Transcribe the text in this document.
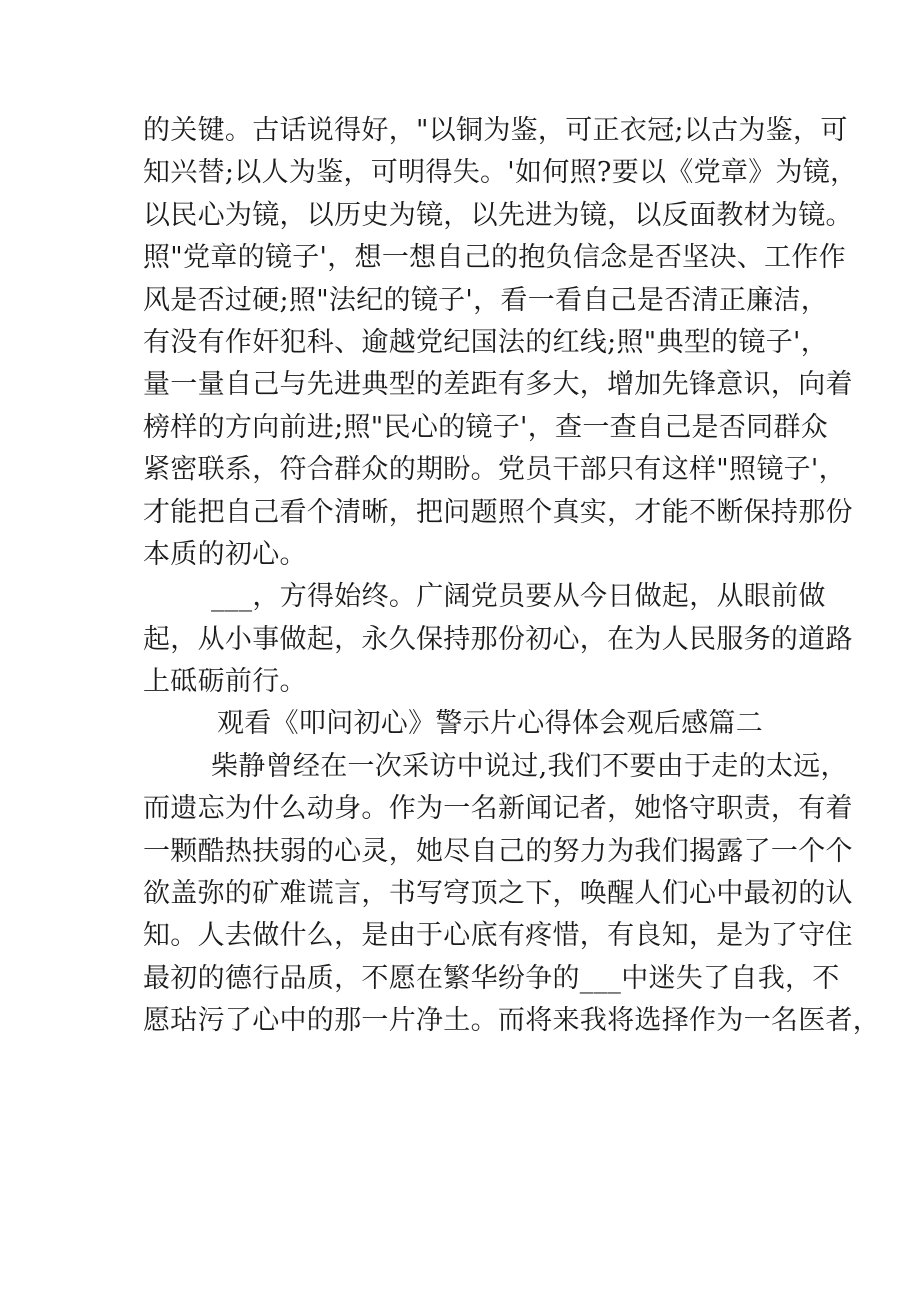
的关键。古话说得好，"以铜为鉴，可正衣冠;以古为鉴，可
知兴替;以人为鉴，可明得失。'如何照?要以《党章》为镜，
以民心为镜，以历史为镜，以先进为镜，以反面教材为镜。
照"党章的镜子'，想一想自己的抱负信念是否坚决、工作作
风是否过硬;照"法纪的镜子'，看一看自己是否清正廉洁，
有没有作奸犯科、逾越党纪国法的红线;照"典型的镜子'，
量一量自己与先进典型的差距有多大，增加先锋意识，向着
榜样的方向前进;照"民心的镜子'，查一查自己是否同群众
紧密联系，符合群众的期盼。党员干部只有这样"照镜子'，
才能把自己看个清晰，把问题照个真实，才能不断保持那份
本质的初心。
___，方得始终。广阔党员要从今日做起，从眼前做
起，从小事做起，永久保持那份初心，在为人民服务的道路
上砥砺前行。
观看《叩问初心》警示片心得体会观后感篇二
柴静曾经在一次采访中说过,我们不要由于走的太远，
而遗忘为什么动身。作为一名新闻记者，她恪守职责，有着
一颗酷热扶弱的心灵，她尽自己的努力为我们揭露了一个个
欲盖弥的矿难谎言，书写穹顶之下，唤醒人们心中最初的认
知。人去做什么，是由于心底有疼惜，有良知，是为了守住
最初的德行品质，不愿在繁华纷争的___中迷失了自我，不
愿玷污了心中的那一片净土。而将来我将选择作为一名医者，
